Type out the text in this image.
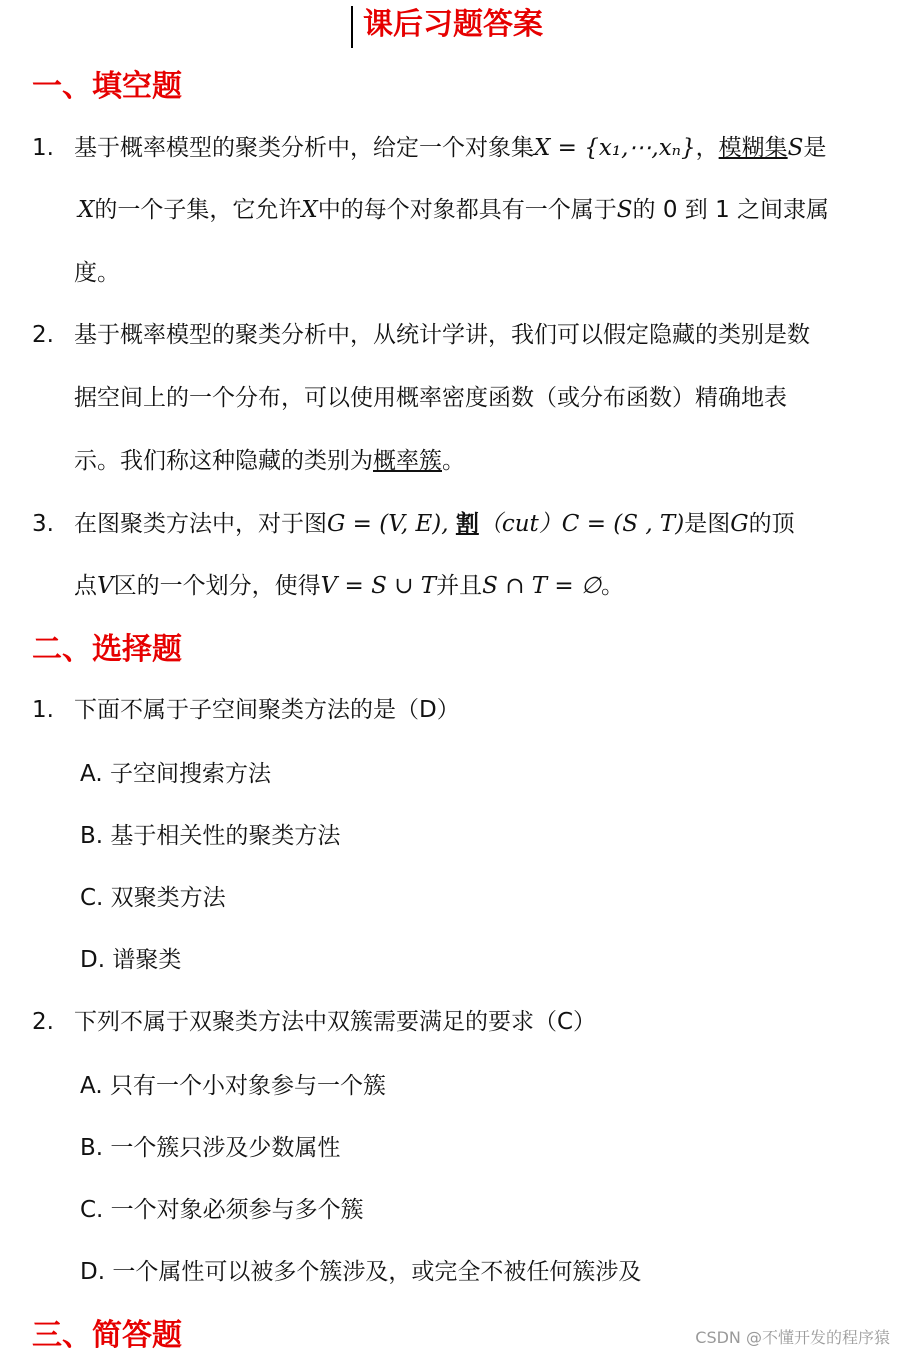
课后习题答案
一、填空题
1. 基于概率模型的聚类分析中，给定一个对象集X = {x₁,⋯,xₙ}，模糊集S是
X的一个子集，它允许X中的每个对象都具有一个属于S的 0 到 1 之间隶属
度。
2. 基于概率模型的聚类分析中，从统计学讲，我们可以假定隐藏的类别是数
据空间上的一个分布，可以使用概率密度函数（或分布函数）精确地表
示。我们称这种隐藏的类别为概率簇。
3. 在图聚类方法中，对于图G = (V, E), 割（cut）C = (S , T)是图G的顶
点V区的一个划分，使得V = S ∪ T并且S ∩ T = ∅。
二、选择题
1. 下面不属于子空间聚类方法的是（D）
A. 子空间搜索方法
B. 基于相关性的聚类方法
C. 双聚类方法
D. 谱聚类
2. 下列不属于双聚类方法中双簇需要满足的要求（C）
A. 只有一个小对象参与一个簇
B. 一个簇只涉及少数属性
C. 一个对象必须参与多个簇
D. 一个属性可以被多个簇涉及，或完全不被任何簇涉及
三、简答题	CSDN @不懂开发的程序猿
